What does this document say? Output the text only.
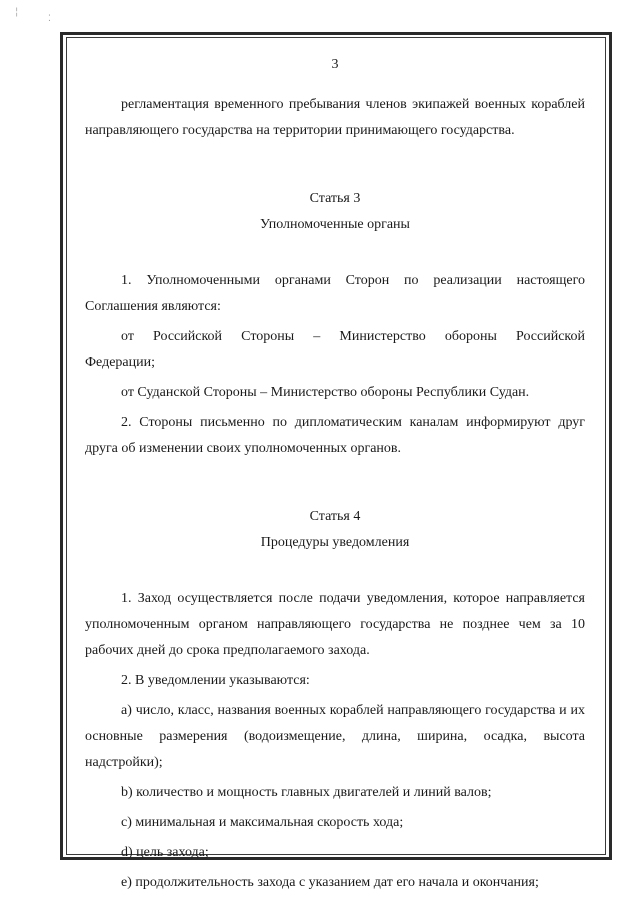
╎
⁚
3

регламентация временного пребывания членов экипажей военных кораблей направляющего государства на территории принимающего государства.

Статья 3

Уполномоченные органы

1. Уполномоченными органами Сторон по реализации настоящего Соглашения являются:

от Российской Стороны – Министерство обороны Российской

Федерации;

от Суданской Стороны – Министерство обороны Республики Судан.

2. Стороны письменно по дипломатическим каналам информируют друг друга об изменении своих уполномоченных органов.

Статья 4

Процедуры уведомления

1. Заход осуществляется после подачи уведомления, которое направляется уполномоченным органом направляющего государства не позднее чем за 10 рабочих дней до срока предполагаемого захода.

2. В уведомлении указываются:

а) число, класс, названия военных кораблей направляющего государства и их основные размерения (водоизмещение, длина, ширина, осадка, высота надстройки);

b) количество и мощность главных двигателей и линий валов;

c) минимальная и максимальная скорость хода;

d) цель захода;

e) продолжительность захода с указанием дат его начала и окончания;
